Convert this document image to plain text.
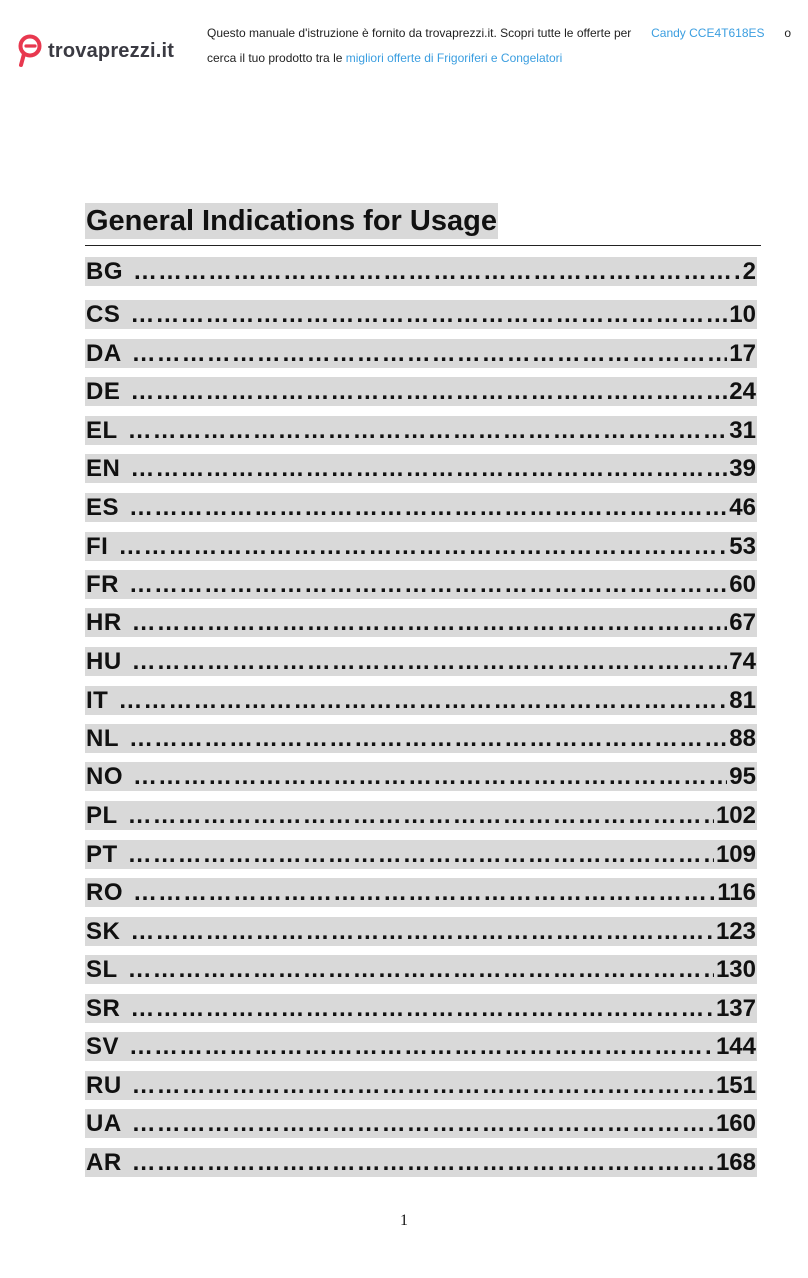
trovaprezzi.it
Questo manuale d'istruzione è fornito da trovaprezzi.it. Scopri tutte le offerte per Candy CCE4T618ES o
cerca il tuo prodotto tra le migliori offerte di Frigoriferi e Congelatori
General Indications for Usage
BG ………………………………………………………………………………………………………………………………………	2
CS ………………………………………………………………………………………………………………………………………	10
DA ………………………………………………………………………………………………………………………………………	17
DE ………………………………………………………………………………………………………………………………………	24
EL ………………………………………………………………………………………………………………………………………	31
EN ………………………………………………………………………………………………………………………………………	39
ES ………………………………………………………………………………………………………………………………………	46
FI ………………………………………………………………………………………………………………………………………	53
FR ………………………………………………………………………………………………………………………………………	60
HR ………………………………………………………………………………………………………………………………………	67
HU ………………………………………………………………………………………………………………………………………	74
IT ………………………………………………………………………………………………………………………………………	81
NL ………………………………………………………………………………………………………………………………………	88
NO ………………………………………………………………………………………………………………………………………	95
PL ………………………………………………………………………………………………………………………………………	102
PT ………………………………………………………………………………………………………………………………………	109
RO ………………………………………………………………………………………………………………………………………	116
SK ………………………………………………………………………………………………………………………………………	123
SL ………………………………………………………………………………………………………………………………………	130
SR ………………………………………………………………………………………………………………………………………	137
SV ………………………………………………………………………………………………………………………………………	144
RU ………………………………………………………………………………………………………………………………………	151
UA ………………………………………………………………………………………………………………………………………	160
AR ………………………………………………………………………………………………………………………………………	168
1
